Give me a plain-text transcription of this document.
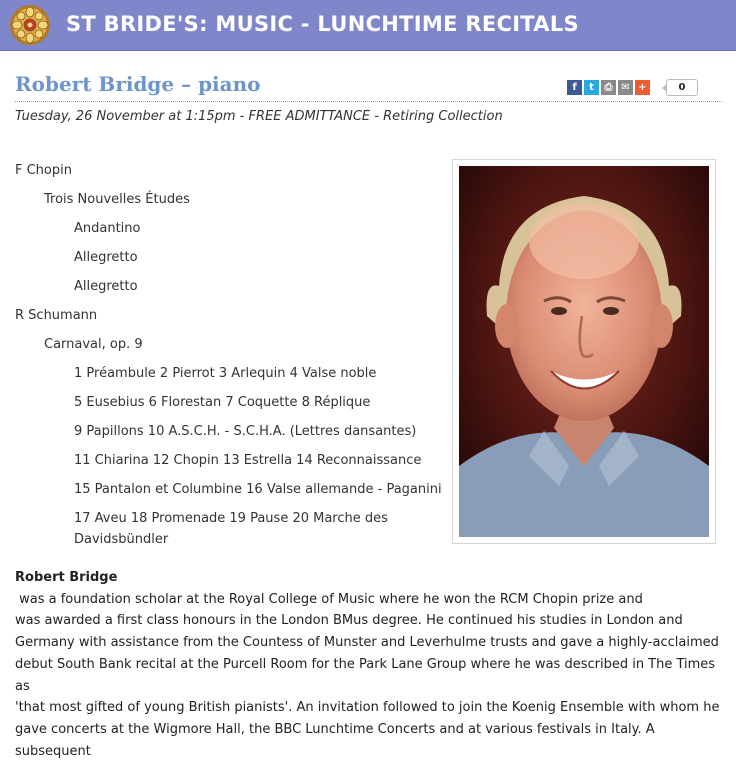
ST BRIDE'S: MUSIC - LUNCHTIME RECITALS
Robert Bridge – piano	f	t	⎙ ✉ +	0
Tuesday, 26 November at 1:15pm - FREE ADMITTANCE - Retiring Collection
F Chopin
Trois Nouvelles Études
Andantino
Allegretto
Allegretto
R Schumann
Carnaval, op. 9
1 Préambule 2 Pierrot 3 Arlequin 4 Valse noble
5 Eusebius 6 Florestan 7 Coquette 8 Réplique
9 Papillons 10 A.S.C.H. - S.C.H.A. (Lettres dansantes)
11 Chiarina 12 Chopin 13 Estrella 14 Reconnaissance
15 Pantalon et Columbine 16 Valse allemande - Paganini
17 Aveu 18 Promenade 19 Pause 20 Marche des
Davidsbündler
Robert Bridge was a foundation scholar at the Royal College of Music where he won the RCM Chopin prize and
was awarded a first class honours in the London BMus degree. He continued his studies in London and
Germany with assistance from the Countess of Munster and Leverhulme trusts and gave a highly-acclaimed
debut South Bank recital at the Purcell Room for the Park Lane Group where he was described in The Times as
'that most gifted of young British pianists'. An invitation followed to join the Koenig Ensemble with whom he
gave concerts at the Wigmore Hall, the BBC Lunchtime Concerts and at various festivals in Italy. A subsequent
